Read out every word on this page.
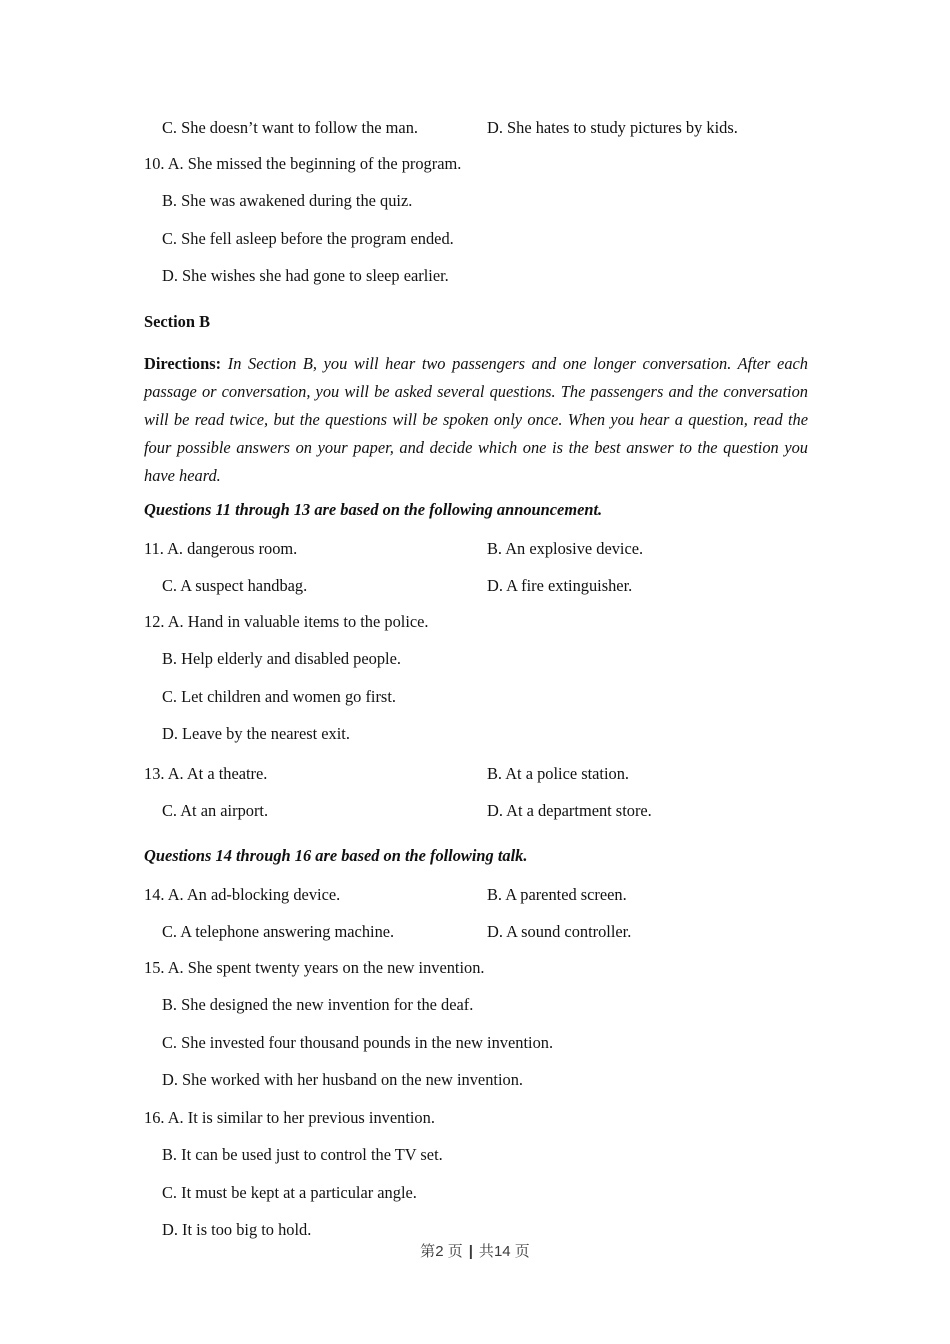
C. She doesn’t want to follow the man.	D. She hates to study pictures by kids.
10. A. She missed the beginning of the program.
B. She was awakened during the quiz.
C. She fell asleep before the program ended.
D. She wishes she had gone to sleep earlier.
Section B
Directions: In Section B, you will hear two passengers and one longer conversation. After each passage or conversation, you will be asked several questions. The passengers and the conversation will be read twice, but the questions will be spoken only once. When you hear a question, read the four possible answers on your paper, and decide which one is the best answer to the question you have heard.
Questions 11 through 13 are based on the following announcement.
11. A. dangerous room.	B. An explosive device.
C. A suspect handbag.	D. A fire extinguisher.
12. A. Hand in valuable items to the police.
B. Help elderly and disabled people.
C. Let children and women go first.
D. Leave by the nearest exit.
13. A. At a theatre.	B. At a police station.
C. At an airport.	D. At a department store.
Questions 14 through 16 are based on the following talk.
14. A. An ad-blocking device.	B. A parented screen.
C. A telephone answering machine.	D. A sound controller.
15. A. She spent twenty years on the new invention.
B. She designed the new invention for the deaf.
C. She invested four thousand pounds in the new invention.
D. She worked with her husband on the new invention.
16. A. It is similar to her previous invention.
B. It can be used just to control the TV set.
C. It must be kept at a particular angle.
D. It is too big to hold.
第2 页 | 共14 页
